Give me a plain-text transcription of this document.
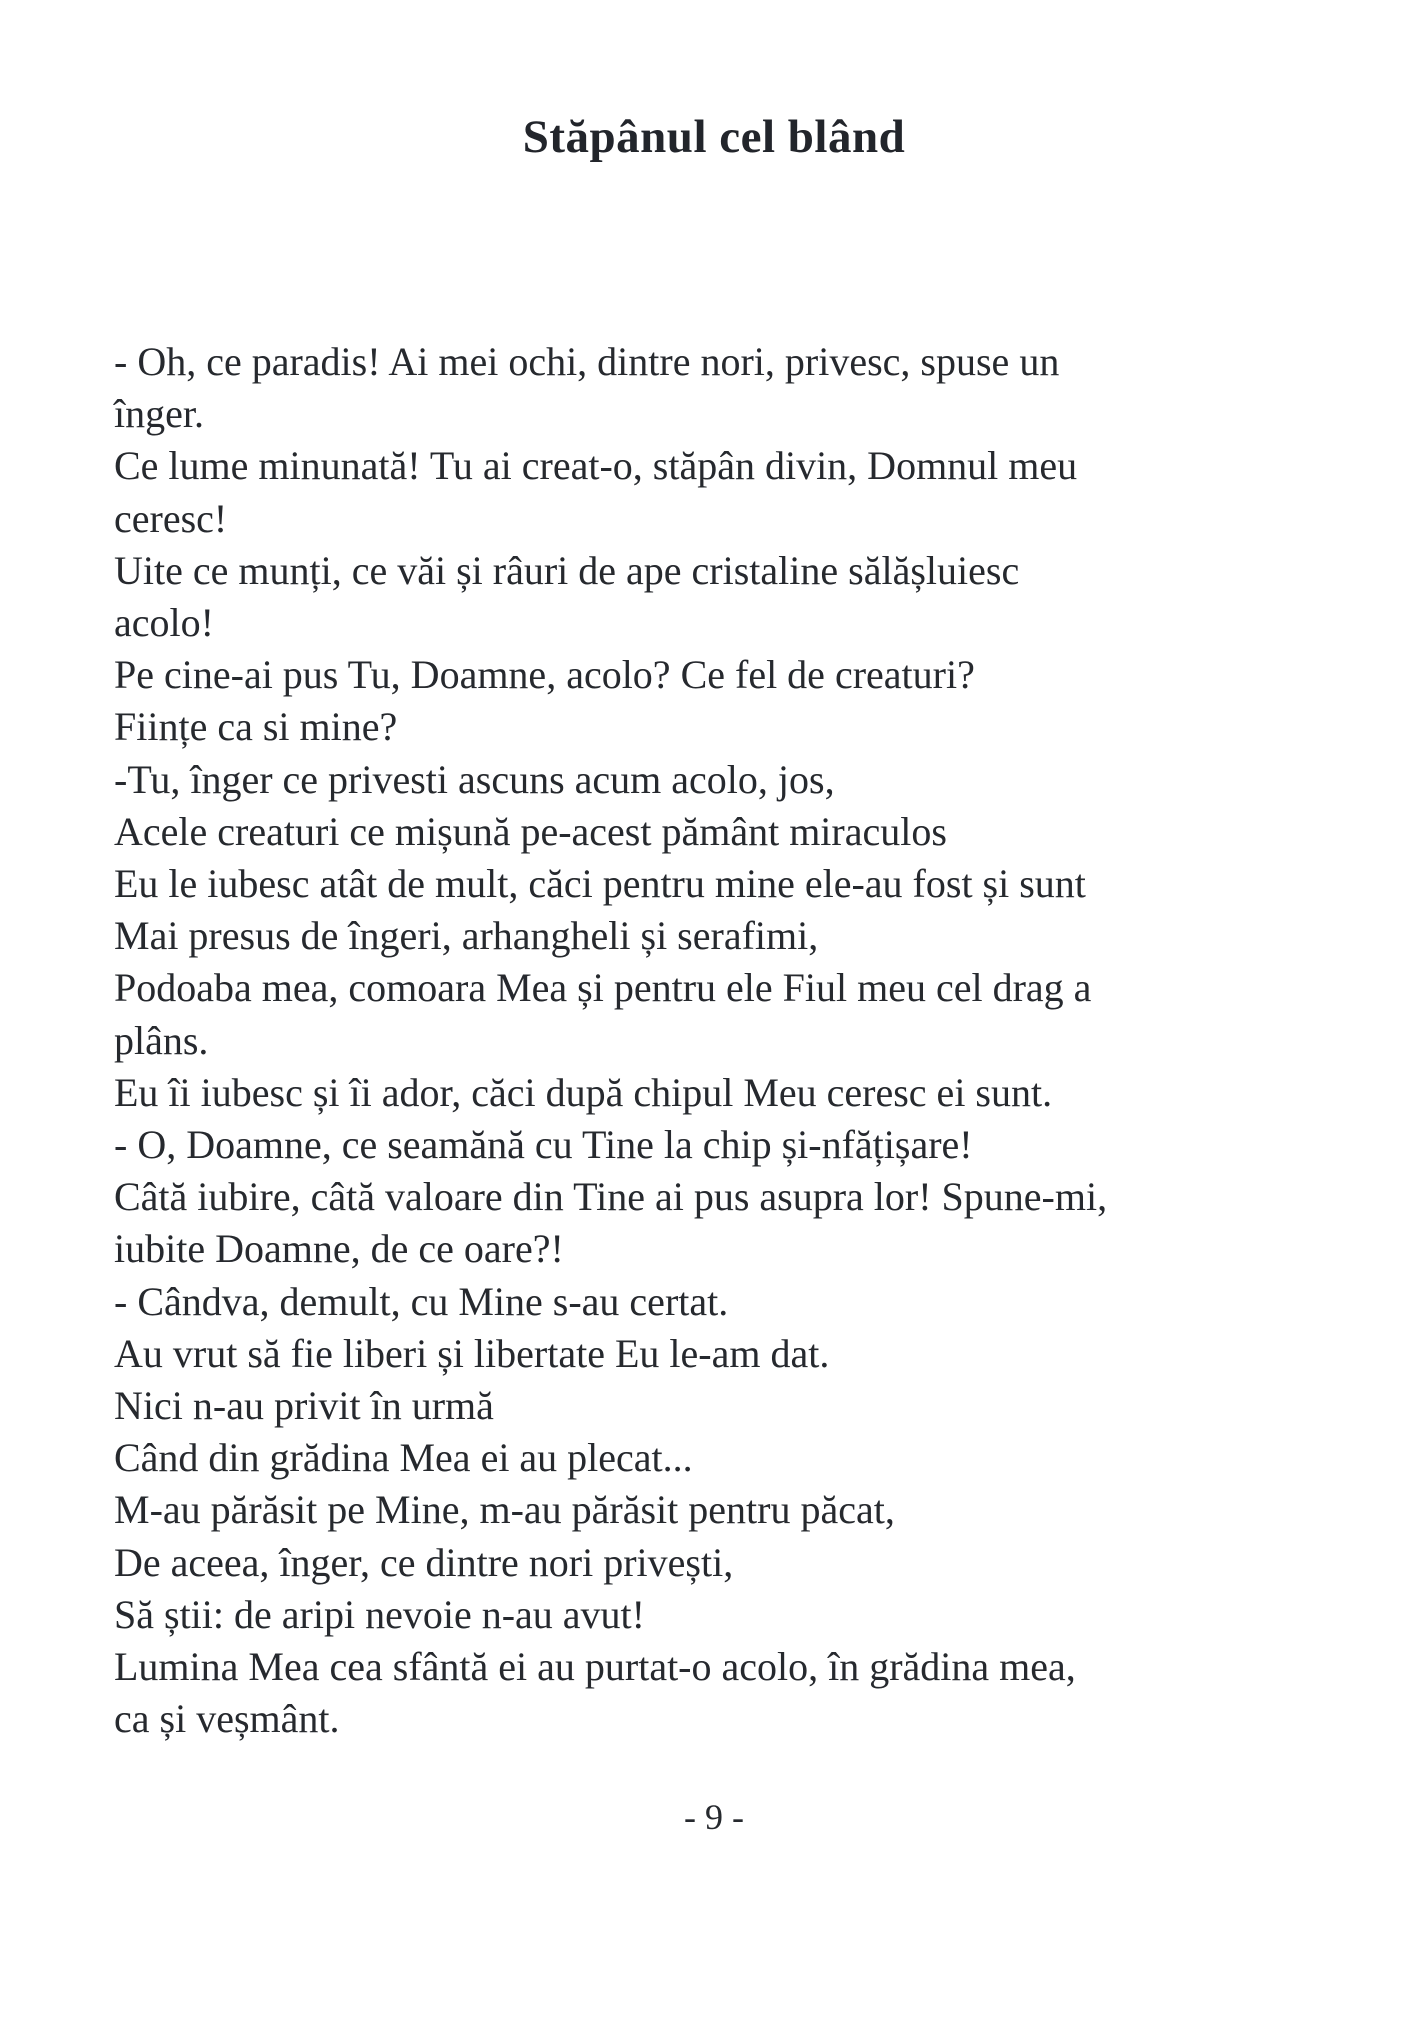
Stăpânul cel blând
- Oh, ce paradis! Ai mei ochi, dintre nori, privesc, spuse un
înger.
Ce lume minunată! Tu ai creat-o, stăpân divin, Domnul meu
ceresc!
Uite ce munți, ce văi și râuri de ape cristaline sălășluiesc
acolo!
Pe cine-ai pus Tu, Doamne, acolo? Ce fel de creaturi?
Ființe ca si mine?
-Tu, înger ce privesti ascuns acum acolo, jos,
Acele creaturi ce mișună pe-acest pământ miraculos
Eu le iubesc atât de mult, căci pentru mine ele-au fost și sunt
Mai presus de îngeri, arhangheli și serafimi,
Podoaba mea, comoara Mea și pentru ele Fiul meu cel drag a
plâns.
Eu îi iubesc și îi ador, căci după chipul Meu ceresc ei sunt.
- O, Doamne, ce seamănă cu Tine la chip și-nfățișare!
Câtă iubire, câtă valoare din Tine ai pus asupra lor! Spune-mi,
iubite Doamne, de ce oare?!
- Cândva, demult, cu Mine s-au certat.
Au vrut să fie liberi și libertate Eu le-am dat.
Nici n-au privit în urmă
Când din grădina Mea ei au plecat...
M-au părăsit pe Mine, m-au părăsit pentru păcat,
De aceea, înger, ce dintre nori privești,
Să știi: de aripi nevoie n-au avut!
Lumina Mea cea sfântă ei au purtat-o acolo, în grădina mea,
ca și veșmânt.
- 9 -
